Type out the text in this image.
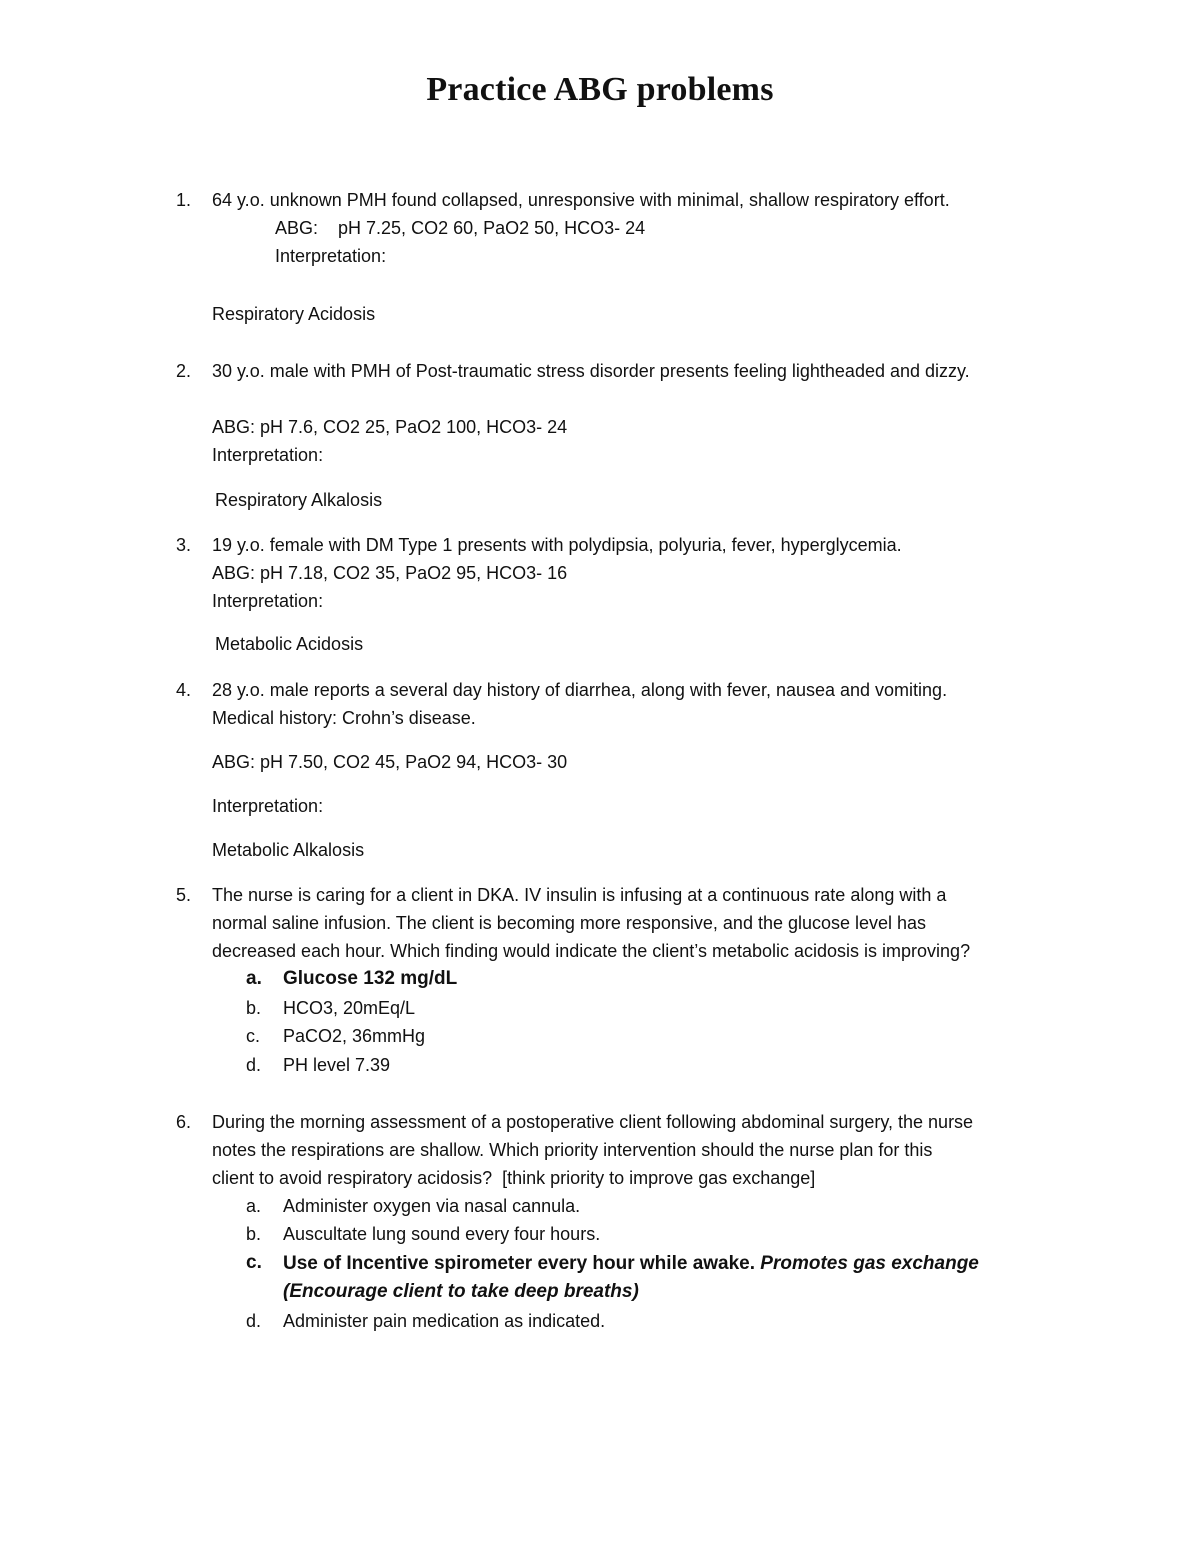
Practice ABG problems
1. 64 y.o. unknown PMH found collapsed, unresponsive with minimal, shallow respiratory effort.
ABG:    pH 7.25, CO2 60, PaO2 50, HCO3- 24
Interpretation:
Respiratory Acidosis
2. 30 y.o. male with PMH of Post-traumatic stress disorder presents feeling lightheaded and dizzy.
ABG: pH 7.6, CO2 25, PaO2 100, HCO3- 24
Interpretation:
Respiratory Alkalosis
3. 19 y.o. female with DM Type 1 presents with polydipsia, polyuria, fever, hyperglycemia.
ABG: pH 7.18, CO2 35, PaO2 95, HCO3- 16
Interpretation:
Metabolic Acidosis
4. 28 y.o. male reports a several day history of diarrhea, along with fever, nausea and vomiting.
Medical history: Crohn’s disease.
ABG: pH 7.50, CO2 45, PaO2 94, HCO3- 30
Interpretation:
Metabolic Alkalosis
5. The nurse is caring for a client in DKA. IV insulin is infusing at a continuous rate along with a
normal saline infusion. The client is becoming more responsive, and the glucose level has
decreased each hour. Which finding would indicate the client’s metabolic acidosis is improving?
a. Glucose 132 mg/dL
b. HCO3, 20mEq/L
c. PaCO2, 36mmHg
d. PH level 7.39
6. During the morning assessment of a postoperative client following abdominal surgery, the nurse
notes the respirations are shallow. Which priority intervention should the nurse plan for this
client to avoid respiratory acidosis?  [think priority to improve gas exchange]
a. Administer oxygen via nasal cannula.
b. Auscultate lung sound every four hours.
c. Use of Incentive spirometer every hour while awake. Promotes gas exchange
(Encourage client to take deep breaths)
d. Administer pain medication as indicated.
